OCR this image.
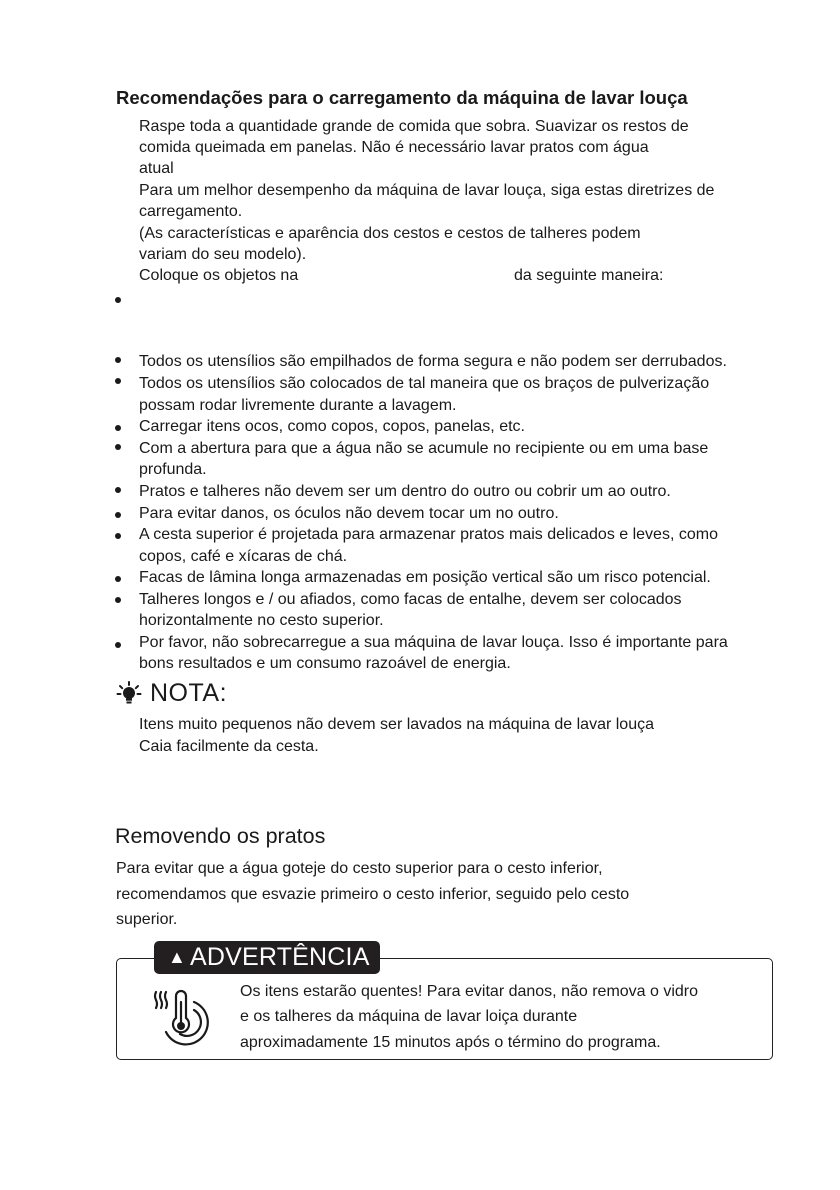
Recomendações para o carregamento da máquina de lavar louça
Raspe toda a quantidade grande de comida que sobra. Suavizar os restos de
comida queimada em panelas. Não é necessário lavar pratos com água
atual
Para um melhor desempenho da máquina de lavar louça, siga estas diretrizes de
carregamento.
(As características e aparência dos cestos e cestos de talheres podem
variam do seu modelo).
Coloque os objetos na	da seguinte maneira:
Todos os utensílios são empilhados de forma segura e não podem ser derrubados.
Todos os utensílios são colocados de tal maneira que os braços de pulverização
possam rodar livremente durante a lavagem.
Carregar itens ocos, como copos, copos, panelas, etc.
Com a abertura para que a água não se acumule no recipiente ou em uma base
profunda.
Pratos e talheres não devem ser um dentro do outro ou cobrir um ao outro.
Para evitar danos, os óculos não devem tocar um no outro.
A cesta superior é projetada para armazenar pratos mais delicados e leves, como
copos, café e xícaras de chá.
Facas de lâmina longa armazenadas em posição vertical são um risco potencial.
Talheres longos e / ou afiados, como facas de entalhe, devem ser colocados
horizontalmente no cesto superior.
Por favor, não sobrecarregue a sua máquina de lavar louça. Isso é importante para
bons resultados e um consumo razoável de energia.
NOTA:
Itens muito pequenos não devem ser lavados na máquina de lavar louça
Caia facilmente da cesta.
Removendo os pratos
Para evitar que a água goteje do cesto superior para o cesto inferior,
recomendamos que esvazie primeiro o cesto inferior, seguido pelo cesto
superior.
▲ ADVERTÊNCIA
Os itens estarão quentes! Para evitar danos, não remova o vidro
e os talheres da máquina de lavar loiça durante
aproximadamente 15 minutos após o término do programa.
